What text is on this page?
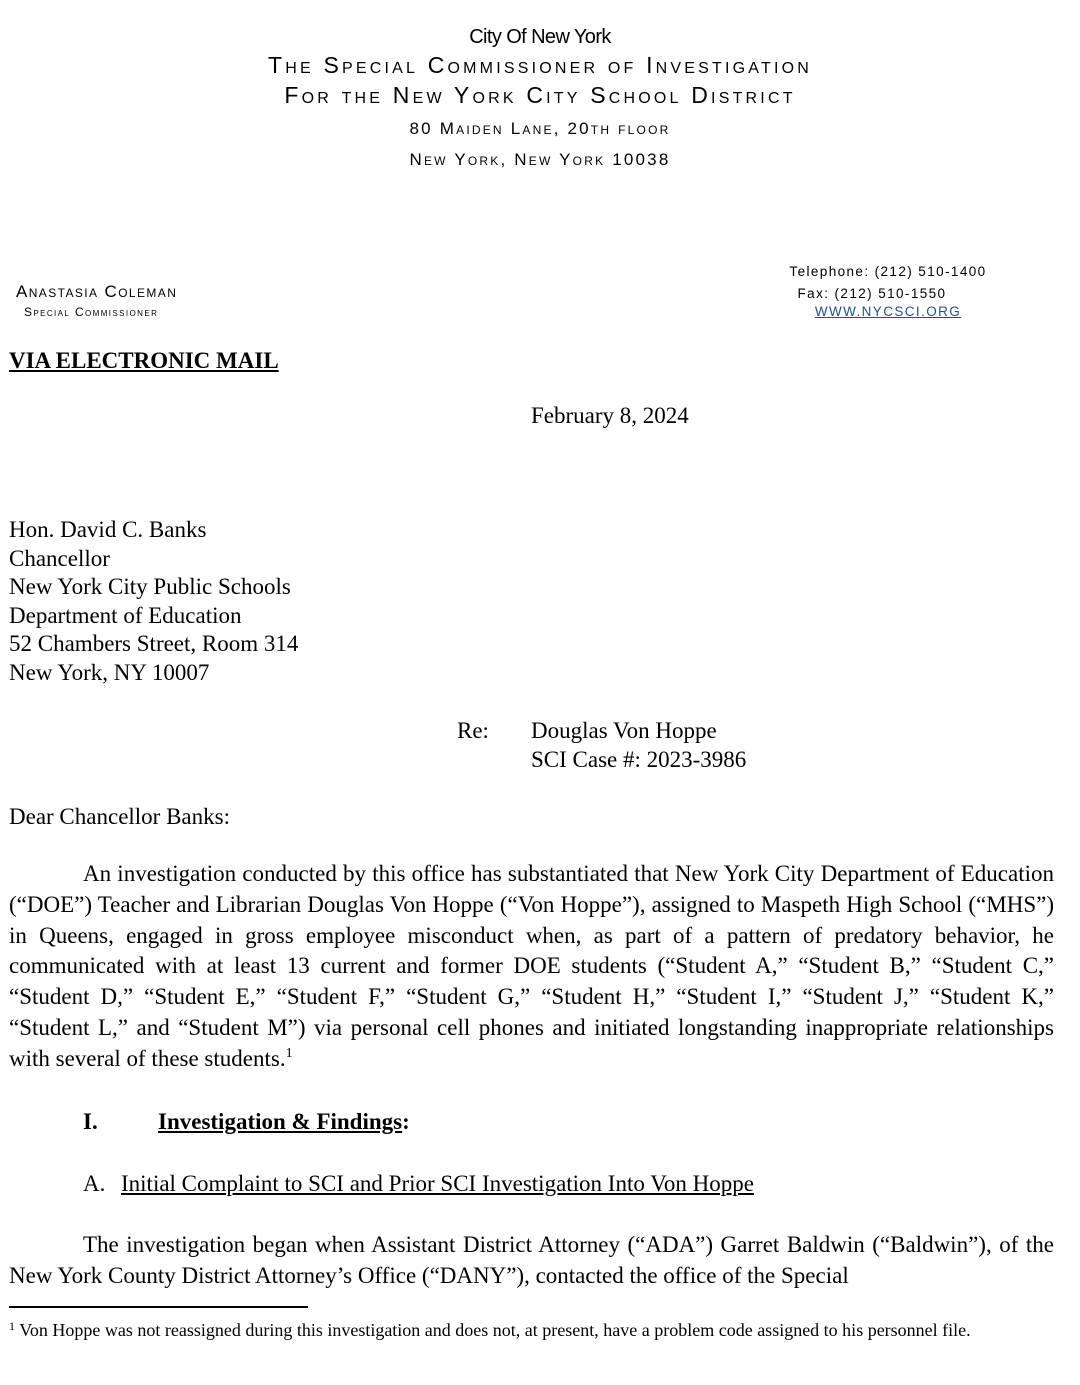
City Of New York
The Special Commissioner of Investigation
For the New York City School District
80 Maiden Lane, 20th floor
New York, New York 10038
Anastasia Coleman
Special Commissioner
Telephone: (212) 510-1400
Fax: (212) 510-1550
WWW.NYCSCI.ORG
VIA ELECTRONIC MAIL
February 8, 2024
Hon. David C. Banks
Chancellor
New York City Public Schools
Department of Education
52 Chambers Street, Room 314
New York, NY 10007
Re: Douglas Von Hoppe
SCI Case #: 2023-3986
Dear Chancellor Banks:
An investigation conducted by this office has substantiated that New York City Department of Education (“DOE”) Teacher and Librarian Douglas Von Hoppe (“Von Hoppe”), assigned to Maspeth High School (“MHS”) in Queens, engaged in gross employee misconduct when, as part of a pattern of predatory behavior, he communicated with at least 13 current and former DOE students (“Student A,” “Student B,” “Student C,” “Student D,” “Student E,” “Student F,” “Student G,” “Student H,” “Student I,” “Student J,” “Student K,” “Student L,” and “Student M”) via personal cell phones and initiated longstanding inappropriate relationships with several of these students.$^1$
I.	Investigation & Findings:
A. Initial Complaint to SCI and Prior SCI Investigation Into Von Hoppe
The investigation began when Assistant District Attorney (“ADA”) Garret Baldwin (“Baldwin”), of the New York County District Attorney’s Office (“DANY”), contacted the office of the Special
$^1$ Von Hoppe was not reassigned during this investigation and does not, at present, have a problem code assigned to his personnel file.
